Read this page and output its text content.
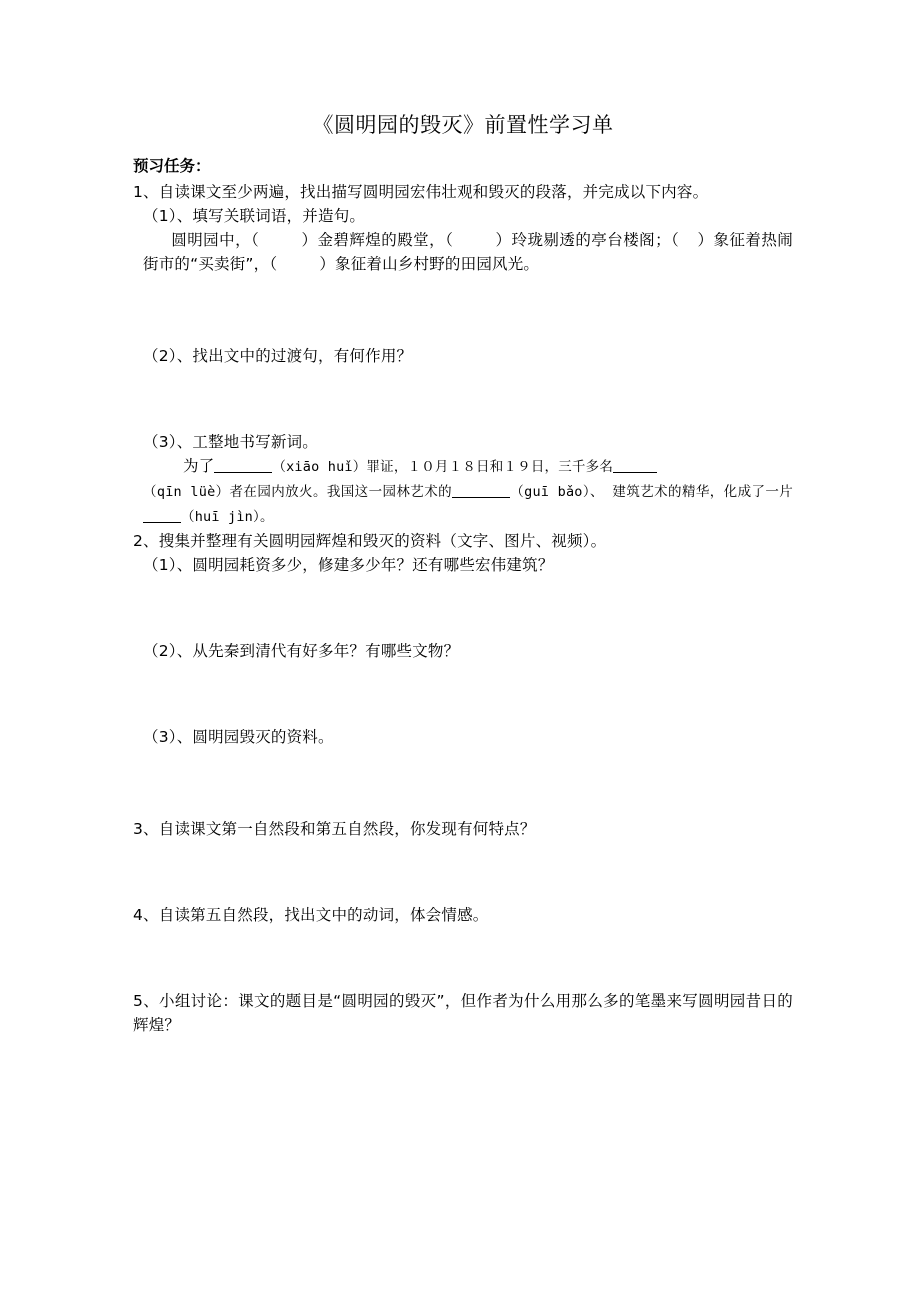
《圆明园的毁灭》前置性学习单
预习任务：

1、自读课文至少两遍，找出描写圆明园宏伟壮观和毁灭的段落，并完成以下内容。

（1）、填写关联词语，并造句。

圆明园中，（	）金碧辉煌的殿堂，（	）玲珑剔透的亭台楼阁；（ ）象征着热闹街市的“买卖街”，（	）象征着山乡村野的田园风光。

（2）、找出文中的过渡句，有何作用？

（3）、工整地书写新词。

为了	（xiāo huǐ）罪证，１０月１８日和１９日，三千多名
（qīn lüè）者在园内放火。我国这一园林艺术的	（guī bǎo）、 建筑艺术的精华，化成了一片（huī jìn）。

2、搜集并整理有关圆明园辉煌和毁灭的资料（文字、图片、视频）。

（1）、圆明园耗资多少，修建多少年？还有哪些宏伟建筑？

（2）、从先秦到清代有好多年？有哪些文物？

（3）、圆明园毁灭的资料。

3、自读课文第一自然段和第五自然段，你发现有何特点？

4、自读第五自然段，找出文中的动词，体会情感。

5、小组讨论：课文的题目是“圆明园的毁灭”，但作者为什么用那么多的笔墨来写圆明园昔日的辉煌？
